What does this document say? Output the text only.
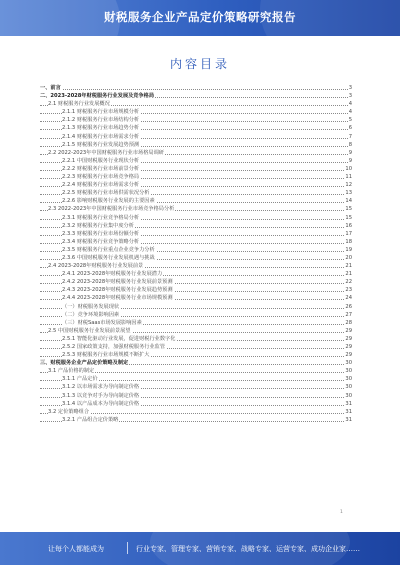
财税服务企业产品定价策略研究报告
内容目录
一、前言	3
二、2023-2028年财税服务行业发展及竞争格局	3
2.1 财税服务行业发展概况	4
2.1.1 财税服务行业市场规模分析	4
2.1.2 财税服务行业市场结构分析	5
2.1.3 财税服务行业市场趋势分析	6
2.1.4 财税服务行业市场需求分析	7
2.1.5 财税服务行业发展趋势预测	8
2.2 2022-2023年中国财税服务行业市场格局调研	9
2.2.1 中国财税服务行业现状分析	9
2.2.2 财税服务行业市场前景分析	10
2.2.3 财税服务行业市场竞争格局	11
2.2.4 财税服务行业市场需求分析	12
2.2.5 财税服务行业市场供需状况分析	13
2.2.6 影响财税服务行业发展的主要因素	14
2.3 2022-2023年中国财税服务行业市场竞争格局分析	15
2.3.1 财税服务行业竞争格局分析	15
2.3.2 财税服务行业集中度分析	16
2.3.3 财税服务行业市场份额分析	17
2.3.4 财税服务行业竞争策略分析	18
2.3.5 财税服务行业重点企业竞争力分析	19
2.3.6 中国财税服务行业发展机遇与挑战	20
2.4 2023-2028年财税服务行业发展前景	21
2.4.1 2023-2028年财税服务行业发展潜力	21
2.4.2 2023-2028年财税服务行业发展前景预测	22
2.4.3 2023-2028年财税服务行业发展趋势预测	23
2.4.4 2023-2028年财税服务行业市场规模预测	24
（一）财税服务发展现状	26
（二）竞争环境影响因素	27
（三）财税Saas市场发展影响因素	28
2.5 中国财税服务行业发展前景展望	29
2.5.1 智能化驱动行业发展，促进财税行业数字化	29
2.5.2 国家政策支持，加强财税服务行业监管	29
2.5.3 财税服务行业市场规模不断扩大	29
三、财税服务企业产品定价策略及制定	30
3.1 产品价格的制定	30
3.1.1 产品定价	30
3.1.2 以市场需求为导向制定价格	30
3.1.3 以竞争对手为导向制定价格	30
3.1.4 以产品成本为导向制定价格	31
3.2 定价策略组合	31
3.2.1 产品组合定价策略	31
1
让每个人都能成为	行业专家、管理专家、营销专家、战略专家、运营专家、成功企业家……
